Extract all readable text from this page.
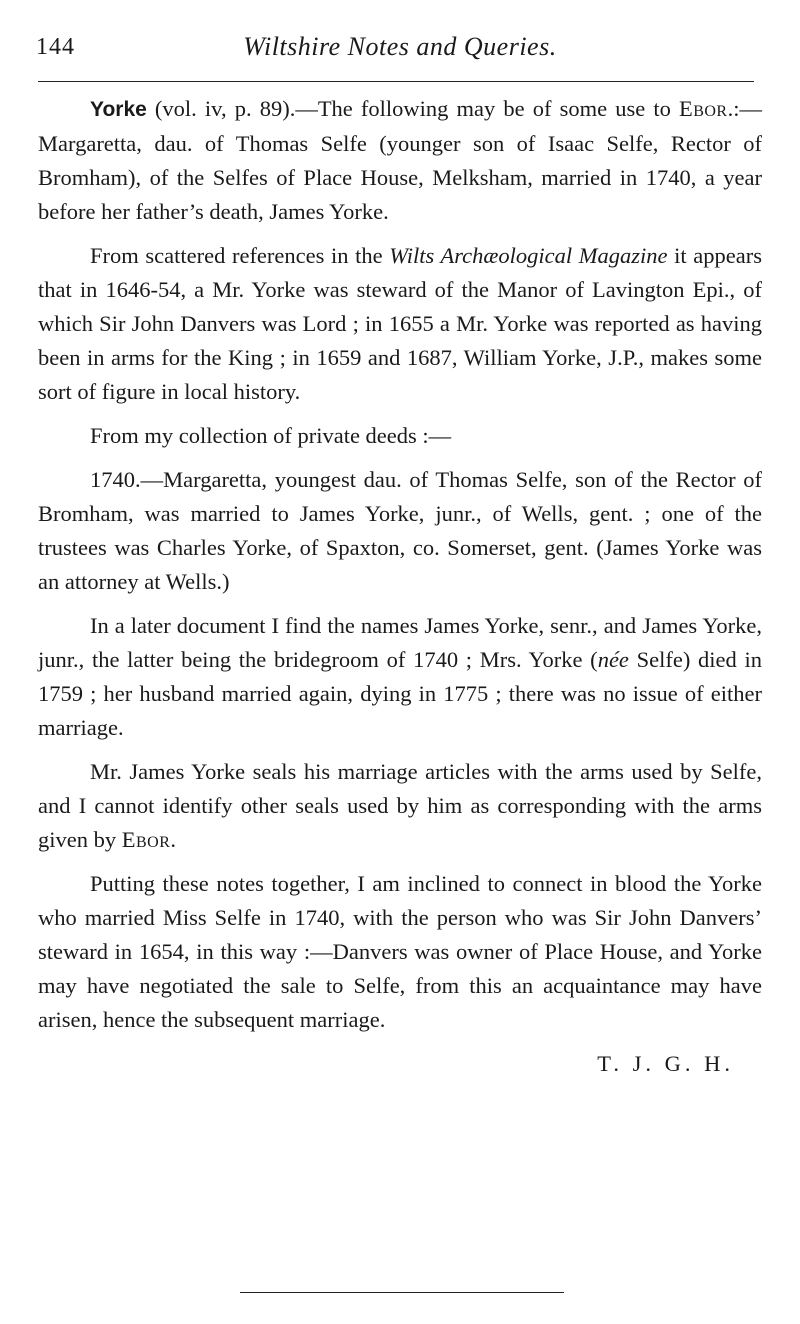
144	Wiltshire Notes and Queries.

Yorke (vol. iv, p. 89).—The following may be of some use to Ebor.:—Margaretta, dau. of Thomas Selfe (younger son of Isaac Selfe, Rector of Bromham), of the Selfes of Place House, Melksham, married in 1740, a year before her father’s death, James Yorke.

From scattered references in the Wilts Archæological Magazine it appears that in 1646-54, a Mr. Yorke was steward of the Manor of Lavington Epi., of which Sir John Danvers was Lord ; in 1655 a Mr. Yorke was reported as having been in arms for the King ; in 1659 and 1687, William Yorke, J.P., makes some sort of figure in local history.

From my collection of private deeds :—

1740.—Margaretta, youngest dau. of Thomas Selfe, son of the Rector of Bromham, was married to James Yorke, junr., of Wells, gent. ; one of the trustees was Charles Yorke, of Spaxton, co. Somerset, gent. (James Yorke was an attorney at Wells.)

In a later document I find the names James Yorke, senr., and James Yorke, junr., the latter being the bridegroom of 1740 ; Mrs. Yorke (née Selfe) died in 1759 ; her husband married again, dying in 1775 ; there was no issue of either marriage.

Mr. James Yorke seals his marriage articles with the arms used by Selfe, and I cannot identify other seals used by him as corresponding with the arms given by Ebor.

Putting these notes together, I am inclined to connect in blood the Yorke who married Miss Selfe in 1740, with the person who was Sir John Danvers’ steward in 1654, in this way :—Danvers was owner of Place House, and Yorke may have negotiated the sale to Selfe, from this an acquaintance may have arisen, hence the subsequent marriage.

T. J. G. H.
